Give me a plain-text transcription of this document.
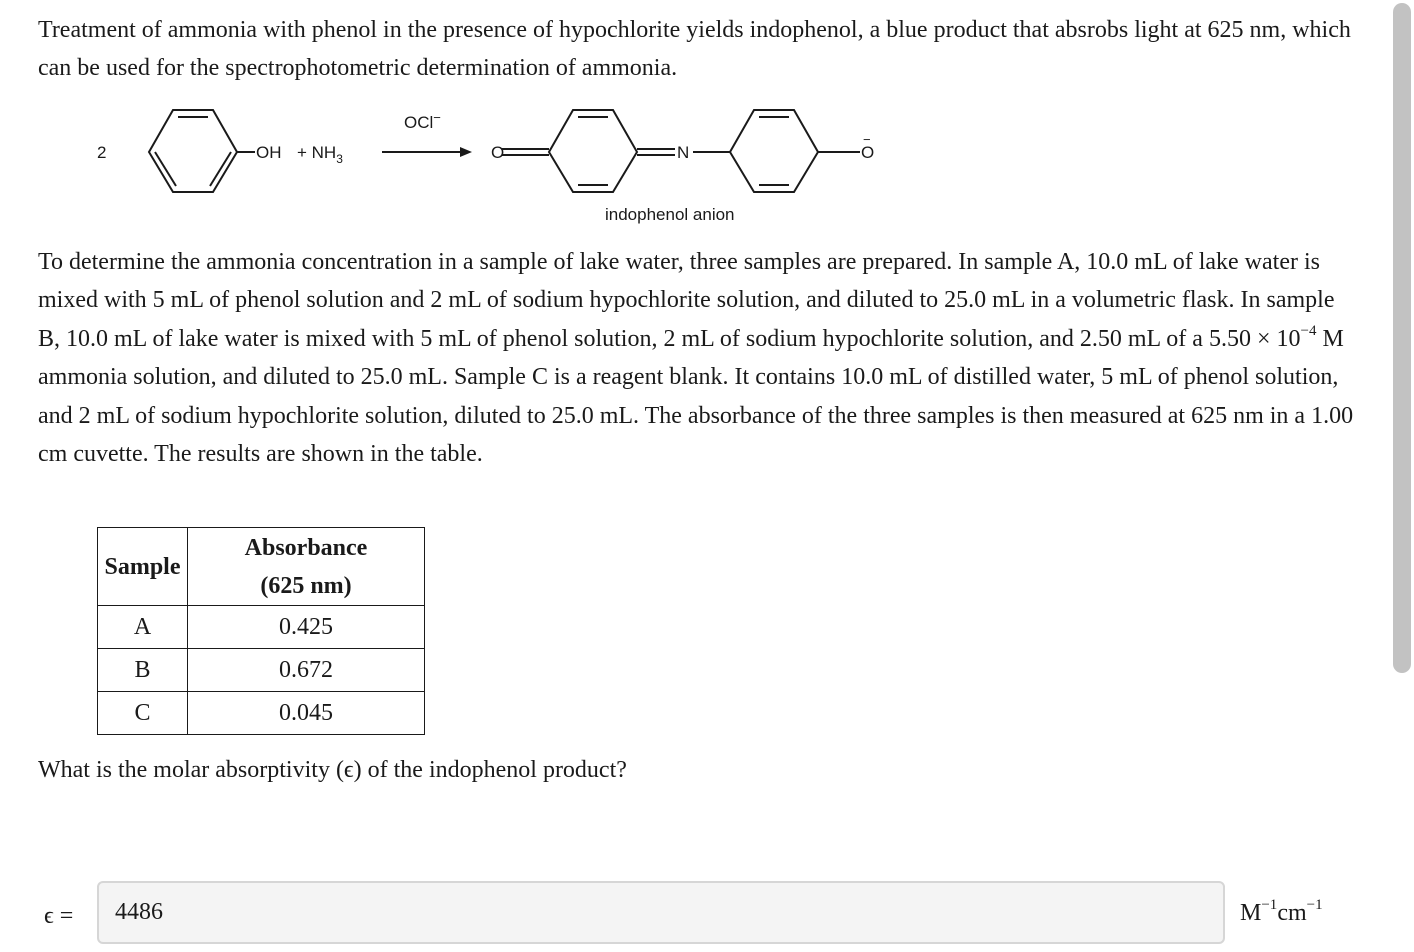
Treatment of ammonia with phenol in the presence of hypochlorite yields indophenol, a blue product that absrobs light at 625 nm, which can be used for the spectrophotometric determination of ammonia.

2	OH + $NH_3$
OCl−
O	N	O
−
indophenol anion

To determine the ammonia concentration in a sample of lake water, three samples are prepared. In sample A, 10.0 mL of lake water is mixed with 5 mL of phenol solution and 2 mL of sodium hypochlorite solution, and diluted to 25.0 mL in a volumetric flask. In sample B, 10.0 mL of lake water is mixed with 5 mL of phenol solution, 2 mL of sodium hypochlorite solution, and 2.50 mL of a $5.50 \times 10^{-4}$ M ammonia solution, and diluted to 25.0 mL. Sample C is a reagent blank. It contains 10.0 mL of distilled water, 5 mL of phenol solution, and 2 mL of sodium hypochlorite solution, diluted to 25.0 mL. The absorbance of the three samples is then measured at 625 nm in a 1.00 cm cuvette. The results are shown in the table.

Sample	Absorbance
(625 nm)
A	0.425
B	0.672
C	0.045

What is the molar absorptivity (ϵ) of the indophenol product?

ϵ =
4486	$M^{-1}cm^{-1}$
